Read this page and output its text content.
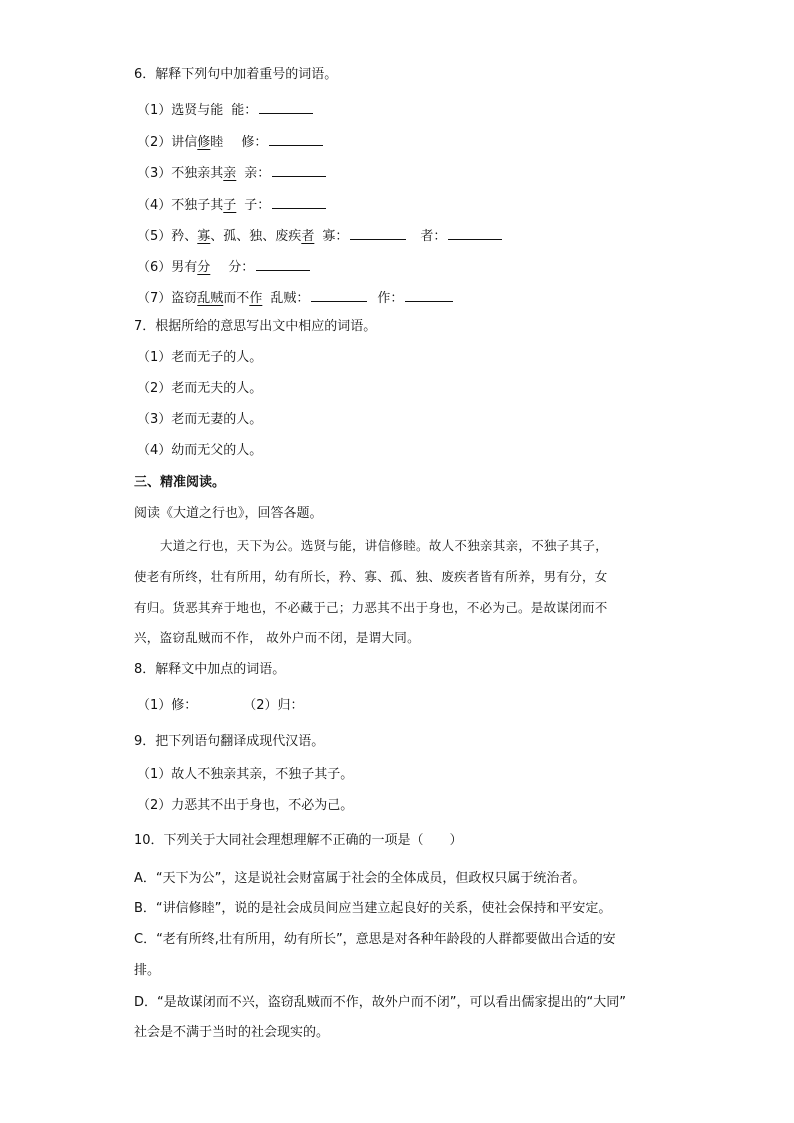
6．解释下列句中加着重号的词语。
（1）选贤与能 能：
（2）讲信修睦 修：
（3）不独亲其亲 亲：
（4）不独子其子 子：
（5）矜、寡、孤、独、废疾者 寡：	者：
（6）男有分 分：
（7）盗窃乱贼而不作 乱贼：	作：
7．根据所给的意思写出文中相应的词语。
（1）老而无子的人。
（2）老而无夫的人。
（3）老而无妻的人。
（4）幼而无父的人。
三、精准阅读。
阅读《大道之行也》，回答各题。
大道之行也，天下为公。选贤与能，讲信修睦。故人不独亲其亲，不独子其子，
使老有所终，壮有所用，幼有所长，矜、寡、孤、独、废疾者皆有所养，男有分，女
有归。货恶其弃于地也，不必藏于己；力恶其不出于身也，不必为己。是故谋闭而不
兴，盗窃乱贼而不作， 故外户而不闭，是谓大同。
8．解释文中加点的词语。
（1）修：	（2）归：
9．把下列语句翻译成现代汉语。
（1）故人不独亲其亲，不独子其子。
（2）力恶其不出于身也，不必为己。
10．下列关于大同社会理想理解不正确的一项是（　　）
A．“天下为公”，这是说社会财富属于社会的全体成员，但政权只属于统治者。
B．“讲信修睦”，说的是社会成员间应当建立起良好的关系，使社会保持和平安定。
C．“老有所终,壮有所用，幼有所长”，意思是对各种年龄段的人群都要做出合适的安
排。
D．“是故谋闭而不兴，盗窃乱贼而不作，故外户而不闭”，可以看出儒家提出的“大同”
社会是不满于当时的社会现实的。
